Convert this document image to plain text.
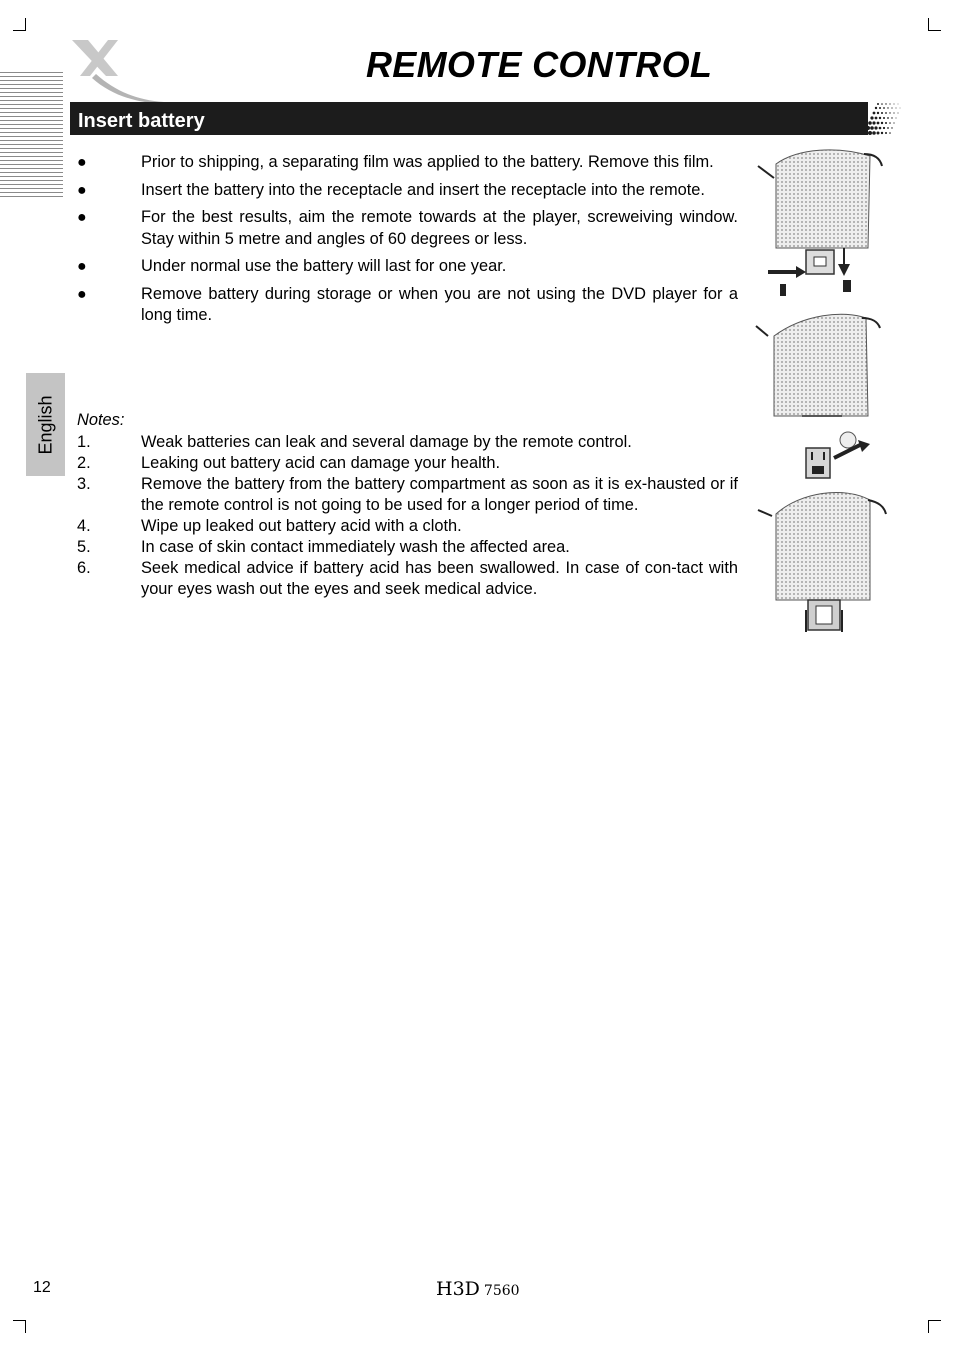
REMOTE CONTROL
Insert battery
English
●	Prior to shipping, a separating film was applied to the battery. Remove this film.
●	Insert the battery into the receptacle and insert the receptacle into the remote.
●	For the best results, aim the remote towards at the player, screweiving window. Stay within 5 metre and angles of 60 degrees or less.
●	Under normal use the battery will last for one year.
●	Remove battery during storage or when you are not using the DVD player for a long time.

Notes:

1.	Weak batteries can leak and several damage by the remote control.
2.	Leaking out battery acid can damage your health.
3.	Remove the battery from the battery compartment as soon as it is ex-hausted or if the remote control is not going to be used for a longer period of time.
4.	Wipe up leaked out battery acid with a cloth.
5.	In case of skin contact immediately wash the affected area.
6.	Seek medical advice if battery acid has been swallowed. In case of con-tact with your eyes wash out the eyes and seek medical advice.
12	H3D 7560
